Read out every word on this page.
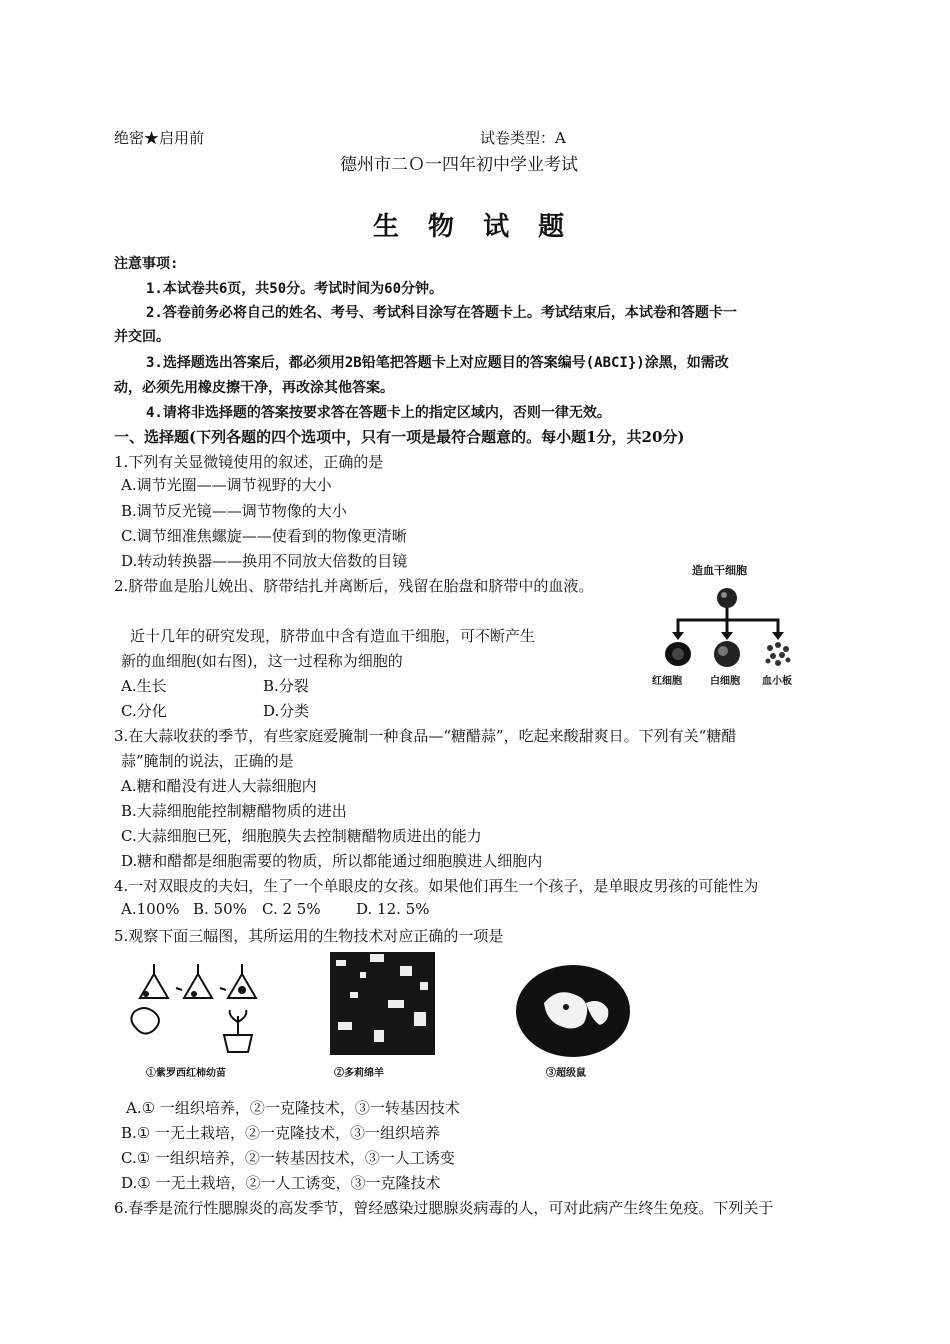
绝密★启用前	试卷类型：A
德州市二Ｏ一四年初中学业考试
生 物 试 题
注意事项:
1.本试卷共6页，共50分。考试时间为60分钟。
2.答卷前务必将自己的姓名、考号、考试科目涂写在答题卡上。考试结束后，本试卷和答题卡一
并交回。
3.选择题选出答案后，都必须用2B铅笔把答题卡上对应题目的答案编号(ABCI})涂黑，如需改
动，必须先用橡皮擦干净，再改涂其他答案。
4.请将非选择题的答案按要求答在答题卡上的指定区域内，否则一律无效。
一、选择题(下列各题的四个选项中，只有一项是最符合题意的。每小题1分，共20分)
1.下列有关显微镜使用的叙述，正确的是
A.调节光圈——调节视野的大小
B.调节反光镜——调节物像的大小
C.调节细准焦螺旋——使看到的物像更清晰
D.转动转换器——换用不同放大倍数的目镜
2.脐带血是胎儿娩出、脐带结扎并离断后，残留在胎盘和脐带中的血液。
近十几年的研究发现，脐带血中含有造血干细胞，可不断产生
新的血细胞(如右图)，这一过程称为细胞的
A.生长	B.分裂
C.分化	D.分类
造血干细胞
红细胞	白细胞 血小板
3.在大蒜收获的季节，有些家庭爱腌制一种食品—“糖醋蒜”，吃起来酸甜爽日。下列有关“糖醋
蒜”腌制的说法，正确的是
A.糖和醋没有进人大蒜细胞内
B.大蒜细胞能控制糖醋物质的进出
C.大蒜细胞已死，细胞膜失去控制糖醋物质进出的能力
D.糖和醋都是细胞需要的物质，所以都能通过细胞膜进人细胞内
4.一对双眼皮的夫妇，生了一个单眼皮的女孩。如果他们再生一个孩子，是单眼皮男孩的可能性为
A.100% B. 50% C. 2 5% D. 12. 5%
5.观察下面三幅图，其所运用的生物技术对应正确的一项是
①紫罗西红柿幼苗	②多莉绵羊	③超级鼠
A.① 一组织培养，②一克隆技术，③一转基因技术
B.① 一无土栽培，②一克隆技术，③一组织培养
C.① 一组织培养，②一转基因技术，③一人工诱变
D.① 一无土栽培，②一人工诱变，③一克隆技术
6.春季是流行性腮腺炎的高发季节，曾经感染过腮腺炎病毒的人，可对此病产生终生免疫。下列关于
